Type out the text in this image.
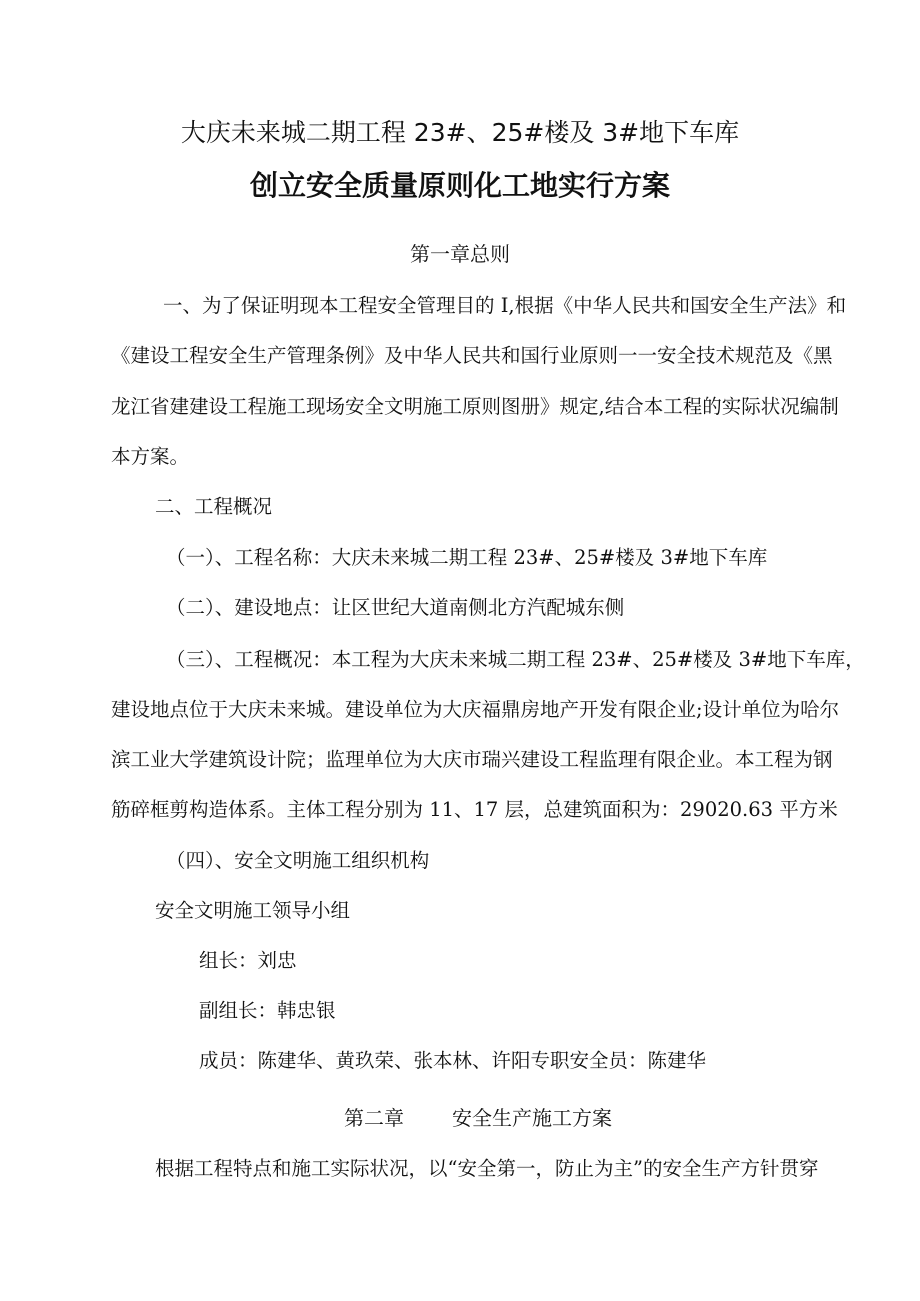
大庆未来城二期工程 23#、25#楼及 3#地下车库
创立安全质量原则化工地实行方案
第一章总则
一、为了保证明现本工程安全管理目的 I,根据《中华人民共和国安全生产法》和
《建设工程安全生产管理条例》及中华人民共和国行业原则一一安全技术规范及《黑
龙江省建建设工程施工现场安全文明施工原则图册》规定,结合本工程的实际状况编制
本方案。
二、工程概况
（一）、工程名称：大庆未来城二期工程 23#、25#楼及 3#地下车库
（二）、建设地点：让区世纪大道南侧北方汽配城东侧
（三）、工程概况：本工程为大庆未来城二期工程 23#、25#楼及 3#地下车库，
建设地点位于大庆未来城。建设单位为大庆福鼎房地产开发有限企业;设计单位为哈尔
滨工业大学建筑设计院；监理单位为大庆市瑞兴建设工程监理有限企业。本工程为钢
筋碎框剪构造体系。主体工程分别为 11、17 层，总建筑面积为：29020.63 平方米
（四）、安全文明施工组织机构
安全文明施工领导小组
组长：刘忠
副组长：韩忠银
成员：陈建华、黄玖荣、张本林、许阳专职安全员：陈建华
第二章 安全生产施工方案
根据工程特点和施工实际状况，以“安全第一，防止为主”的安全生产方针贯穿
